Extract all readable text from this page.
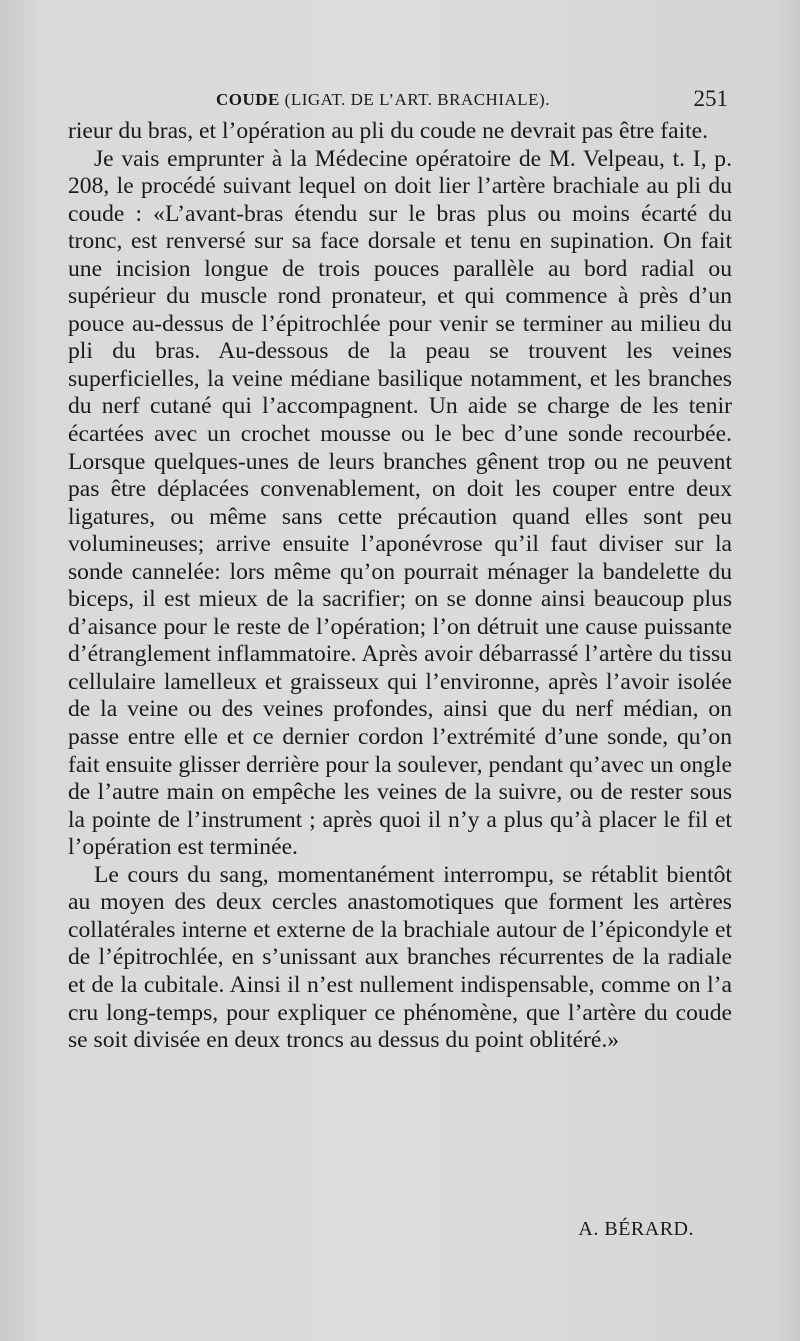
COUDE (LIGAT. DE L’ART. BRACHIALE).	251

rieur du bras, et l’opération au pli du coude ne devrait pas être faite.

Je vais emprunter à la Médecine opératoire de M. Velpeau, t. I, p. 208, le procédé suivant lequel on doit lier l’artère brachiale au pli du coude : «L’avant-bras étendu sur le bras plus ou moins écarté du tronc, est renversé sur sa face dorsale et tenu en supination. On fait une incision longue de trois pouces parallèle au bord radial ou supérieur du muscle rond pronateur, et qui commence à près d’un pouce au-dessus de l’épitrochlée pour venir se terminer au milieu du pli du bras. Au-dessous de la peau se trouvent les veines superficielles, la veine médiane basilique notamment, et les branches du nerf cutané qui l’accompagnent. Un aide se charge de les tenir écartées avec un crochet mousse ou le bec d’une sonde recourbée. Lorsque quelques-unes de leurs branches gênent trop ou ne peuvent pas être déplacées convenablement, on doit les couper entre deux ligatures, ou même sans cette précaution quand elles sont peu volumineuses; arrive ensuite l’aponévrose qu’il faut diviser sur la sonde cannelée: lors même qu’on pourrait ménager la bandelette du biceps, il est mieux de la sacrifier; on se donne ainsi beaucoup plus d’aisance pour le reste de l’opération; l’on détruit une cause puissante d’étranglement inflammatoire. Après avoir débarrassé l’artère du tissu cellulaire lamelleux et graisseux qui l’environne, après l’avoir isolée de la veine ou des veines profondes, ainsi que du nerf médian, on passe entre elle et ce dernier cordon l’extrémité d’une sonde, qu’on fait ensuite glisser derrière pour la soulever, pendant qu’avec un ongle de l’autre main on empêche les veines de la suivre, ou de rester sous la pointe de l’instrument ; après quoi il n’y a plus qu’à placer le fil et l’opération est terminée.

Le cours du sang, momentanément interrompu, se rétablit bientôt au moyen des deux cercles anastomotiques que forment les artères collatérales interne et externe de la brachiale autour de l’épicondyle et de l’épitrochlée, en s’unissant aux branches récurrentes de la radiale et de la cubitale. Ainsi il n’est nullement indispensable, comme on l’a cru long-temps, pour expliquer ce phénomène, que l’artère du coude se soit divisée en deux troncs au dessus du point oblitéré.»

A. BÉRARD.
